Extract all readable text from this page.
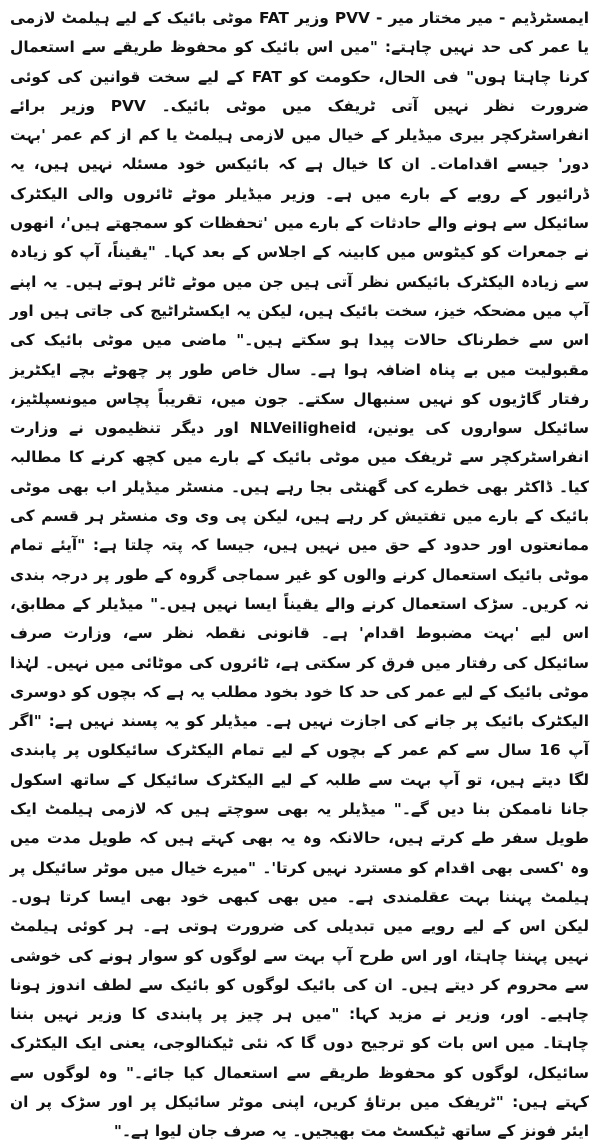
ایمسٹرڈیم - میر مختار میر - PVV وزیر FAT موٹی بائیک کے لیے ہیلمٹ لازمی یا عمر کی حد نہیں چاہتے: "میں اس بائیک کو محفوظ طریقے سے استعمال کرنا چاہتا ہوں" فی الحال، حکومت کو FAT کے لیے سخت قوانین کی کوئی ضرورت نظر نہیں آتی ٹریفک میں موٹی بائیک۔ PVV وزیر برائے انفراسٹرکچر بیری میڈیلر کے خیال میں لازمی ہیلمٹ یا کم از کم عمر 'بہت دور' جیسے اقدامات۔ ان کا خیال ہے کہ بائیکس خود مسئلہ نہیں ہیں، یہ ڈرائیور کے رویے کے بارے میں ہے۔ وزیر میڈیلر موٹے ٹائروں والی الیکٹرک سائیکل سے ہونے والے حادثات کے بارے میں 'تحفظات کو سمجھتے ہیں'، انھوں نے جمعرات کو کیٹوس میں کابینہ کے اجلاس کے بعد کہا۔ "یقیناً، آپ کو زیادہ سے زیادہ الیکٹرک بائیکس نظر آتی ہیں جن میں موٹے ٹائر ہوتے ہیں۔ یہ اپنے آپ میں مضحکہ خیز، سخت بائیک ہیں، لیکن یہ ایکسٹراٹیج کی جاتی ہیں اور اس سے خطرناک حالات پیدا ہو سکتے ہیں۔" ماضی میں موٹی بائیک کی مقبولیت میں بے پناہ اضافہ ہوا ہے۔ سال خاص طور پر چھوٹے بچے ایکٹریز رفتار گاڑیوں کو نہیں سنبھال سکتے۔ جون میں، تقریباً پچاس میونسپلٹیز، سائیکل سواروں کی یونین، NLVeiligheid اور دیگر تنظیموں نے وزارت انفراسٹرکچر سے ٹریفک میں موٹی بائیک کے بارے میں کچھ کرنے کا مطالبہ کیا۔ ڈاکٹر بھی خطرے کی گھنٹی بجا رہے ہیں۔ منسٹر میڈیلر اب بھی موٹی بائیک کے بارے میں تفتیش کر رہے ہیں، لیکن پی وی وی منسٹر ہر قسم کی ممانعتوں اور حدود کے حق میں نہیں ہیں، جیسا کہ پتہ چلتا ہے: "آیئے تمام موٹی بائیک استعمال کرنے والوں کو غیر سماجی گروہ کے طور پر درجہ بندی نہ کریں۔ سڑک استعمال کرنے والے یقیناً ایسا نہیں ہیں۔" میڈیلر کے مطابق، اس لیے 'بہت مضبوط اقدام' ہے۔ قانونی نقطہ نظر سے، وزارت صرف سائیکل کی رفتار میں فرق کر سکتی ہے، ٹائروں کی موٹائی میں نہیں۔ لہٰذا موٹی بائیک کے لیے عمر کی حد کا خود بخود مطلب یہ ہے کہ بچوں کو دوسری الیکٹرک بائیک پر جانے کی اجازت نہیں ہے۔ میڈیلر کو یہ پسند نہیں ہے: "اگر آپ 16 سال سے کم عمر کے بچوں کے لیے تمام الیکٹرک سائیکلوں پر پابندی لگا دیتے ہیں، تو آپ بہت سے طلبہ کے لیے الیکٹرک سائیکل کے ساتھ اسکول جانا ناممکن بنا دیں گے۔" میڈیلر یہ بھی سوچتے ہیں کہ لازمی ہیلمٹ ایک طویل سفر طے کرتے ہیں، حالانکہ وہ یہ بھی کہتے ہیں کہ طویل مدت میں وہ 'کسی بھی اقدام کو مسترد نہیں کرتا'۔ "میرے خیال میں موٹر سائیکل پر ہیلمٹ پہننا بہت عقلمندی ہے۔ میں بھی کبھی خود بھی ایسا کرتا ہوں۔ لیکن اس کے لیے رویے میں تبدیلی کی ضرورت ہوتی ہے۔ ہر کوئی ہیلمٹ نہیں پہننا چاہتا، اور اس طرح آپ بہت سے لوگوں کو سوار ہونے کی خوشی سے محروم کر دیتے ہیں۔ ان کی بائیک لوگوں کو بائیک سے لطف اندوز ہونا چاہیے۔ اور، وزیر نے مزید کہا: "میں ہر چیز پر پابندی کا وزیر نہیں بننا چاہتا۔ میں اس بات کو ترجیح دوں گا کہ نئی ٹیکنالوجی، یعنی ایک الیکٹرک سائیکل، لوگوں کو محفوظ طریقے سے استعمال کیا جائے۔" وہ لوگوں سے کہتے ہیں: "ٹریفک میں برتاؤ کریں، اپنی موٹر سائیکل پر اور سڑک پر ان ایئر فونز کے ساتھ ٹیکسٹ مت بھیجیں۔ یہ صرف جان لیوا ہے۔"
